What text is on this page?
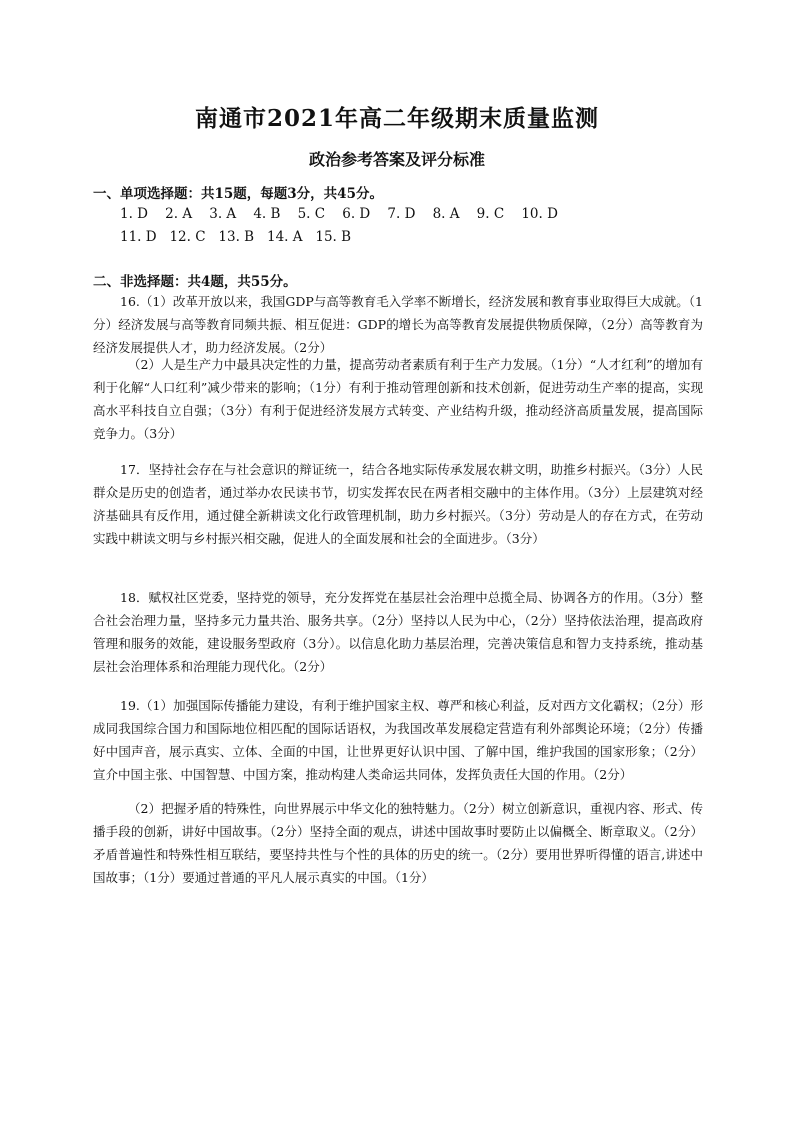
南通市2021年高二年级期末质量监测
政治参考答案及评分标准
一、单项选择题：共15题，每题3分，共45分。
1. D    2. A    3. A    4. B    5. C    6. D    7. D    8. A    9. C    10. D
11. D   12. C   13. B   14. A   15. B
二、非选择题：共4题，共55分。
16.（1）改革开放以来，我国GDP与高等教育毛入学率不断增长，经济发展和教育事业取得巨大成就。（1分）经济发展与高等教育同频共振、相互促进：GDP的增长为高等教育发展提供物质保障，（2分）高等教育为经济发展提供人才，助力经济发展。（2分）
（2）人是生产力中最具决定性的力量，提高劳动者素质有利于生产力发展。（1分）“人才红利”的增加有利于化解“人口红利”减少带来的影响；（1分）有利于推动管理创新和技术创新，促进劳动生产率的提高，实现高水平科技自立自强；（3分）有利于促进经济发展方式转变、产业结构升级，推动经济高质量发展，提高国际竞争力。（3分）
17．坚持社会存在与社会意识的辩证统一，结合各地实际传承发展农耕文明，助推乡村振兴。（3分）人民群众是历史的创造者，通过举办农民读书节，切实发挥农民在两者相交融中的主体作用。（3分）上层建筑对经济基础具有反作用，通过健全新耕读文化行政管理机制，助力乡村振兴。（3分）劳动是人的存在方式，在劳动实践中耕读文明与乡村振兴相交融，促进人的全面发展和社会的全面进步。（3分）
18．赋权社区党委，坚持党的领导，充分发挥党在基层社会治理中总揽全局、协调各方的作用。（3分）整合社会治理力量，坚持多元力量共治、服务共享。（2分）坚持以人民为中心，（2分）坚持依法治理，提高政府管理和服务的效能，建设服务型政府（3分）。以信息化助力基层治理，完善决策信息和智力支持系统，推动基层社会治理体系和治理能力现代化。（2分）
19.（1）加强国际传播能力建设，有利于维护国家主权、尊严和核心利益，反对西方文化霸权；（2分）形成同我国综合国力和国际地位相匹配的国际话语权，为我国改革发展稳定营造有利外部舆论环境；（2分）传播好中国声音，展示真实、立体、全面的中国，让世界更好认识中国、了解中国，维护我国的国家形象；（2分）宣介中国主张、中国智慧、中国方案，推动构建人类命运共同体，发挥负责任大国的作用。（2分）
（2）把握矛盾的特殊性，向世界展示中华文化的独特魅力。（2分）树立创新意识，重视内容、形式、传播手段的创新，讲好中国故事。（2分）坚持全面的观点，讲述中国故事时要防止以偏概全、断章取义。（2分）矛盾普遍性和特殊性相互联结，要坚持共性与个性的具体的历史的统一。（2分）要用世界听得懂的语言,讲述中国故事；（1分）要通过普通的平凡人展示真实的中国。（1分）
